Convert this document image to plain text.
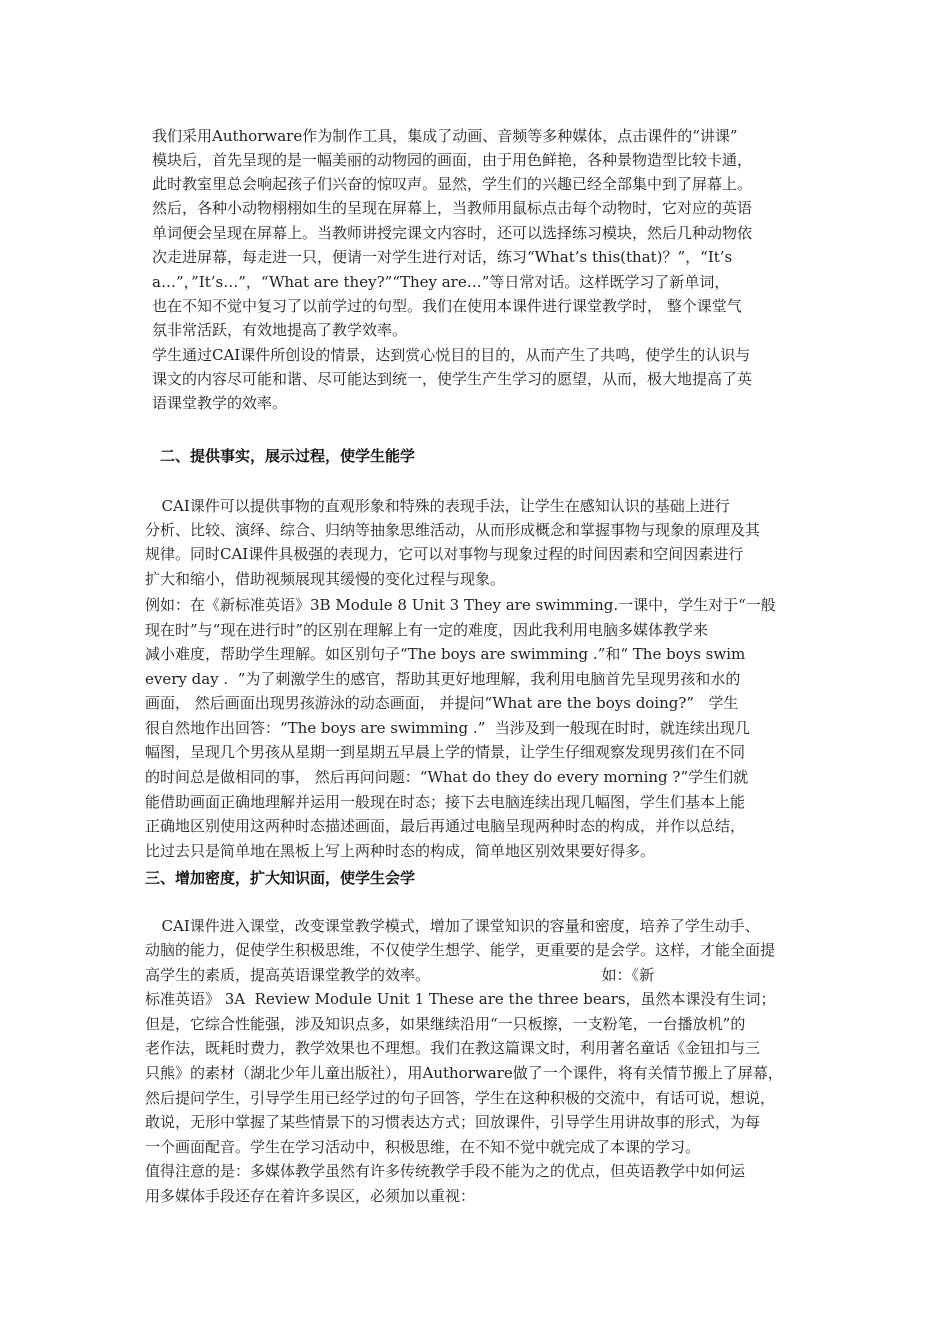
我们采用Authorware作为制作工具，集成了动画、音频等多种媒体，点击课件的“讲课”
模块后，首先呈现的是一幅美丽的动物园的画面，由于用色鲜艳，各种景物造型比较卡通，
此时教室里总会响起孩子们兴奋的惊叹声。显然，学生们的兴趣已经全部集中到了屏幕上。
然后，各种小动物栩栩如生的呈现在屏幕上，当教师用鼠标点击每个动物时，它对应的英语
单词便会呈现在屏幕上。当教师讲授完课文内容时，还可以选择练习模块，然后几种动物依
次走进屏幕，每走进一只，便请一对学生进行对话，练习“What’s this(that)？”，“It’s
a…”，”It’s…”，“What are they?”“They are…”等日常对话。这样既学习了新单词，
也在不知不觉中复习了以前学过的句型。我们在使用本课件进行课堂教学时， 整个课堂气
氛非常活跃，有效地提高了教学效率。
学生通过CAI课件所创设的情景，达到赏心悦目的目的，从而产生了共鸣，使学生的认识与
课文的内容尽可能和谐、尽可能达到统一，使学生产生学习的愿望，从而，极大地提高了英
语课堂教学的效率。
二、提供事实，展示过程，使学生能学
CAI课件可以提供事物的直观形象和特殊的表现手法，让学生在感知认识的基础上进行
分析、比较、演绎、综合、归纳等抽象思维活动，从而形成概念和掌握事物与现象的原理及其
规律。同时CAI课件具极强的表现力，它可以对事物与现象过程的时间因素和空间因素进行
扩大和缩小，借助视频展现其缓慢的变化过程与现象。
例如：在《新标准英语》3B Module 8 Unit 3 They are swimming.一课中，学生对于“一般
现在时”与“现在进行时”的区别在理解上有一定的难度，因此我利用电脑多媒体教学来
减小难度，帮助学生理解。如区别句子“The boys are swimming .”和“ The boys swim
every day .  ”为了刺激学生的感官，帮助其更好地理解，我利用电脑首先呈现男孩和水的
画面， 然后画面出现男孩游泳的动态画面， 并提问“What are the boys doing?”   学生
很自然地作出回答：“The boys are swimming .”  当涉及到一般现在时时，就连续出现几
幅图，呈现几个男孩从星期一到星期五早晨上学的情景，让学生仔细观察发现男孩们在不同
的时间总是做相同的事， 然后再问问题：“What do they do every morning ?”学生们就
能借助画面正确地理解并运用一般现在时态；接下去电脑连续出现几幅图，学生们基本上能
正确地区别使用这两种时态描述画面，最后再通过电脑呈现两种时态的构成，并作以总结，
比过去只是简单地在黑板上写上两种时态的构成，简单地区别效果要好得多。
三、增加密度，扩大知识面，使学生会学
CAI课件进入课堂，改变课堂教学模式，增加了课堂知识的容量和密度，培养了学生动手、
动脑的能力，促使学生积极思维，不仅使学生想学、能学，更重要的是会学。这样，才能全面提
高学生的素质，提高英语课堂教学的效率。                                    如：《新
标准英语》 3A  Review Module Unit 1 These are the three bears，虽然本课没有生词；
但是，它综合性能强，涉及知识点多，如果继续沿用“一只板擦，一支粉笔，一台播放机”的
老作法，既耗时费力，教学效果也不理想。我们在教这篇课文时，利用著名童话《金钮扣与三
只熊》的素材（湖北少年儿童出版社），用Authorware做了一个课件，将有关情节搬上了屏幕，
然后提问学生，引导学生用已经学过的句子回答，学生在这种积极的交流中，有话可说，想说，
敢说，无形中掌握了某些情景下的习惯表达方式；回放课件，引导学生用讲故事的形式，为每
一个画面配音。学生在学习活动中，积极思维，在不知不觉中就完成了本课的学习。
值得注意的是：多媒体教学虽然有许多传统教学手段不能为之的优点，但英语教学中如何运
用多媒体手段还存在着许多误区，必须加以重视：
